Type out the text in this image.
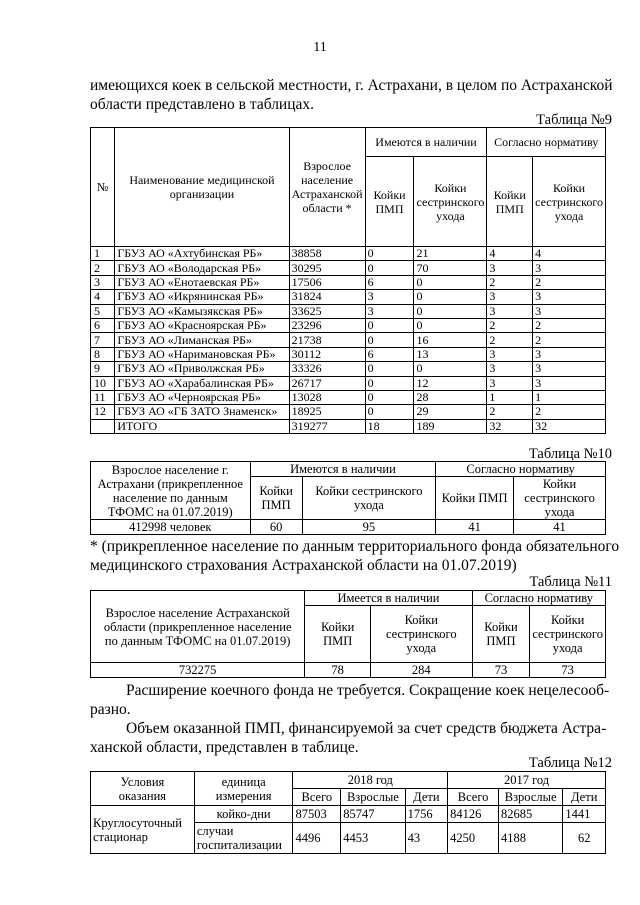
11
имеющихся коек в сельской местности, г. Астрахани, в целом по Астраханской
области представлено в таблицах.
Таблица №9
№	Наименование медицинской организации	Взрослое население Астраханской области *	Имеются в наличии		Согласно нормативу	
			Койки ПМП	Койки сестринского ухода	Койки ПМП	Койки сестринского ухода
1	ГБУЗ АО «Ахтубинская РБ»	38858	0	21	4	4
2	ГБУЗ АО «Володарская РБ»	30295	0	70	3	3
3	ГБУЗ АО «Енотаевская РБ»	17506	6	0	2	2
4	ГБУЗ АО «Икрянинская РБ»	31824	3	0	3	3
5	ГБУЗ АО «Камызякская РБ»	33625	3	0	3	3
6	ГБУЗ АО «Красноярская РБ»	23296	0	0	2	2
7	ГБУЗ АО «Лиманская РБ»	21738	0	16	2	2
8	ГБУЗ АО «Наримановская РБ»	30112	6	13	3	3
9	ГБУЗ АО «Приволжская РБ»	33326	0	0	3	3
10	ГБУЗ АО «Харабалинская РБ»	26717	0	12	3	3
11	ГБУЗ АО «Черноярская РБ»	13028	0	28	1	1
12	ГБУЗ АО «ГБ ЗАТО Знаменск»	18925	0	29	2	2
	ИТОГО	319277	18	189	32	32
Таблица №10
Взрослое население г. Астрахани (прикрепленное население по данным ТФОМС на 01.07.2019)	Имеются в наличии		Согласно нормативу	
	Койки ПМП	Койки сестринского ухода	Койки ПМП	Койки сестринского ухода
412998 человек	60	95	41	41
* (прикрепленное население по данным территориального фонда обязательного
медицинского страхования Астраханской области на 01.07.2019)
Таблица №11
Взрослое население Астраханской области (прикрепленное население по данным ТФОМС на 01.07.2019)	Имеется в наличии		Согласно нормативу	
	Койки ПМП	Койки сестринского ухода	Койки ПМП	Койки сестринского ухода
732275	78	284	73	73
Расширение коечного фонда не требуется. Сокращение коек нецелесооб-
разно.
Объем оказанной ПМП, финансируемой за счет средств бюджета Астра-
ханской области, представлен в таблице.
Таблица №12
Условия оказания	единица измерения	2018 год			2017 год		
		Всего	Взрослые	Дети	Всего	Взрослые	Дети
Круглосуточный стационар	койко-дни	87503	85747	1756	84126	82685	1441
	случаи госпитализации	4496	4453	43	4250	4188	62
